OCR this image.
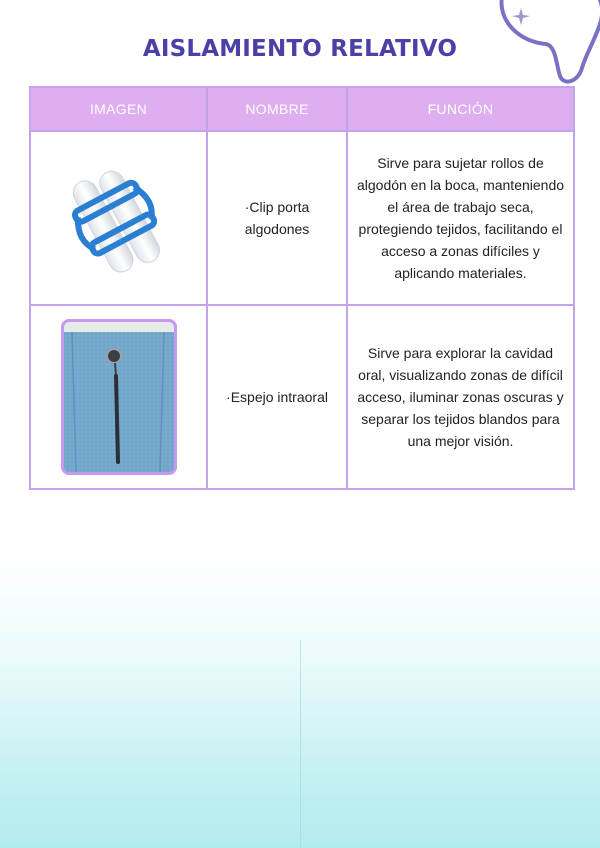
AISLAMIENTO RELATIVO
IMAGEN	NOMBRE	FUNCIÓN

	·Clip porta algodones	Sirve para sujetar rollos de algodón en la boca, manteniendo el área de trabajo seca, protegiendo tejidos, facilitando el acceso a zonas difíciles y aplicando materiales.

	·Espejo intraoral	Sirve para explorar la cavidad oral, visualizando zonas de difícil acceso, iluminar zonas oscuras y separar los tejidos blandos para una mejor visión.
